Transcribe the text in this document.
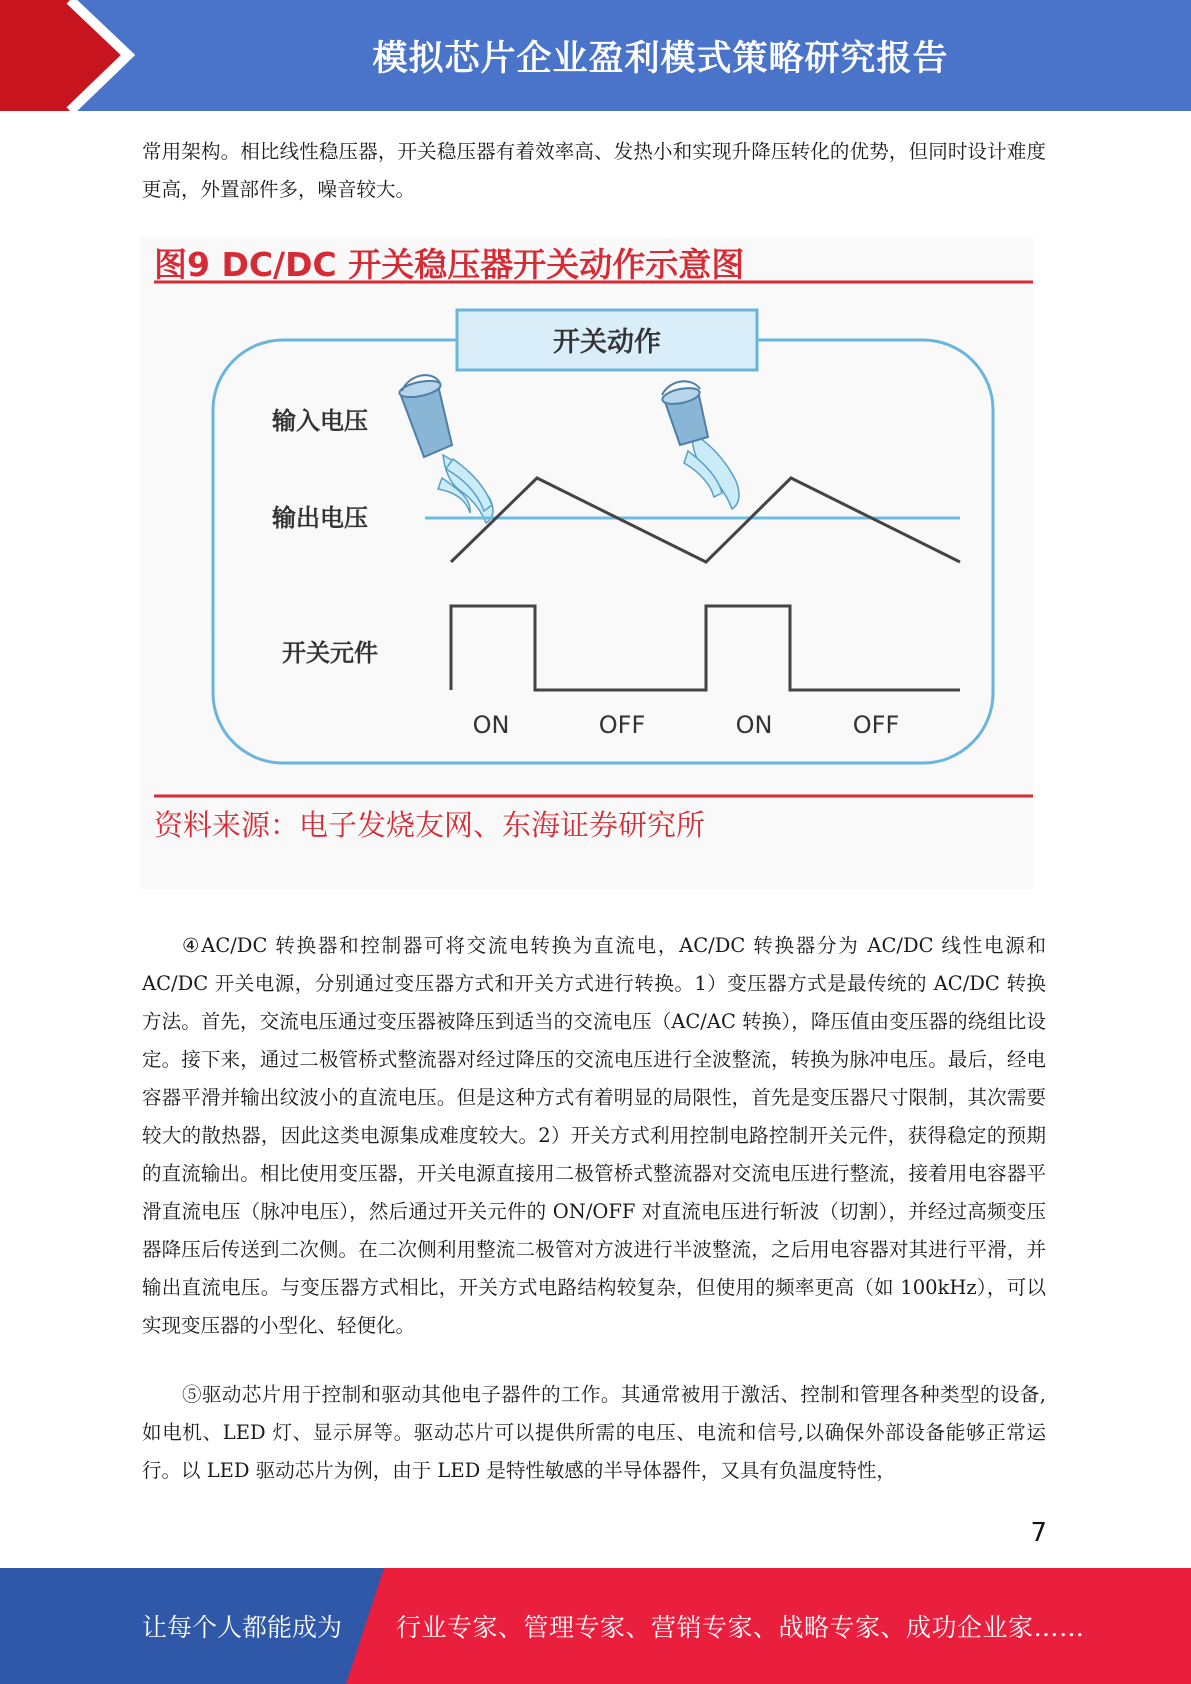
模拟芯片企业盈利模式策略研究报告

常用架构。相比线性稳压器，开关稳压器有着效率高、发热小和实现升降压转化的优势，但同时设计难度更高，外置部件多，噪音较大。

开关动作
输入电压
输出电压
开关元件
ON	OFF	ON	OFF
图9 DC/DC 开关稳压器开关动作示意图
资料来源：电子发烧友网、东海证券研究所

④AC/DC 转换器和控制器可将交流电转换为直流电，AC/DC 转换器分为 AC/DC 线性电源和 AC/DC 开关电源，分别通过变压器方式和开关方式进行转换。1）变压器方式是最传统的 AC/DC 转换方法。首先，交流电压通过变压器被降压到适当的交流电压（AC/AC 转换），降压值由变压器的绕组比设定。接下来，通过二极管桥式整流器对经过降压的交流电压进行全波整流，转换为脉冲电压。最后，经电容器平滑并输出纹波小的直流电压。但是这种方式有着明显的局限性，首先是变压器尺寸限制，其次需要较大的散热器，因此这类电源集成难度较大。2）开关方式利用控制电路控制开关元件，获得稳定的预期的直流输出。相比使用变压器，开关电源直接用二极管桥式整流器对交流电压进行整流，接着用电容器平滑直流电压（脉冲电压），然后通过开关元件的 ON/OFF 对直流电压进行斩波（切割），并经过高频变压器降压后传送到二次侧。在二次侧利用整流二极管对方波进行半波整流，之后用电容器对其进行平滑，并输出直流电压。与变压器方式相比，开关方式电路结构较复杂，但使用的频率更高（如 100kHz），可以实现变压器的小型化、轻便化。

⑤驱动芯片用于控制和驱动其他电子器件的工作。其通常被用于激活、控制和管理各种类型的设备,如电机、LED 灯、显示屏等。驱动芯片可以提供所需的电压、电流和信号,以确保外部设备能够正常运行。以 LED 驱动芯片为例，由于 LED 是特性敏感的半导体器件，又具有负温度特性，

7
让每个人都能成为 行业专家、管理专家、营销专家、战略专家、成功企业家……
